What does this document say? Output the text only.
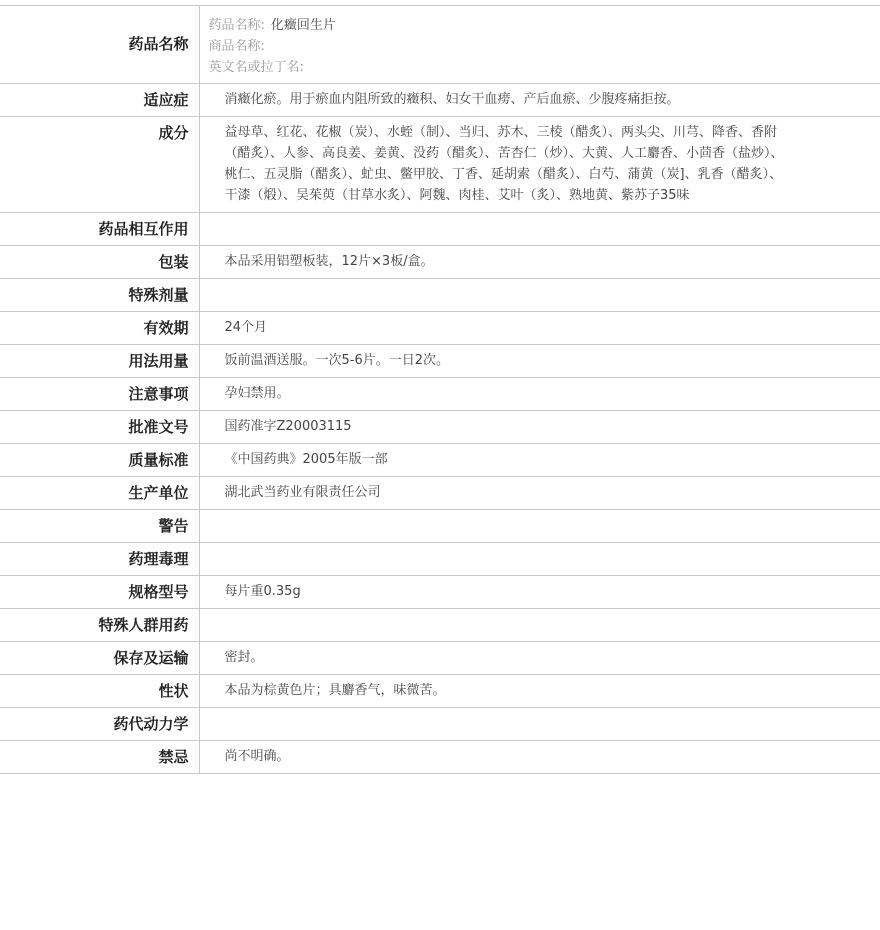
药品名称	药品名称: 化癥回生片
商品名称:
英文名或拉丁名:

适应症	消癥化瘀。用于瘀血内阻所致的癥积、妇女干血痨、产后血瘀、少腹疼痛拒按。
成分	益母草、红花、花椒（炭）、水蛭（制）、当归、苏木、三棱（醋炙）、两头尖、川芎、降香、香附（醋炙）、人参、高良姜、姜黄、没药（醋炙）、苦杏仁（炒）、大黄、人工麝香、小茴香（盐炒）、桃仁、五灵脂（醋炙）、虻虫、鳖甲胶、丁香、延胡索（醋炙）、白芍、蒲黄（炭]、乳香（醋炙）、干漆（煅）、吴茱萸（甘草水炙）、阿魏、肉桂、艾叶（炙）、熟地黄、紫苏子35味
药品相互作用	
包装	本品采用铝塑板装，12片×3板/盒。
特殊剂量	
有效期	24个月
用法用量	饭前温酒送服。一次5-6片。一日2次。
注意事项	孕妇禁用。
批准文号	国药准字Z20003115
质量标准	《中国药典》2005年版一部
生产单位	湖北武当药业有限责任公司
警告	
药理毒理	
规格型号	每片重0.35g
特殊人群用药	
保存及运输	密封。
性状	本品为棕黄色片；具麝香气，味微苦。
药代动力学	
禁忌	尚不明确。
